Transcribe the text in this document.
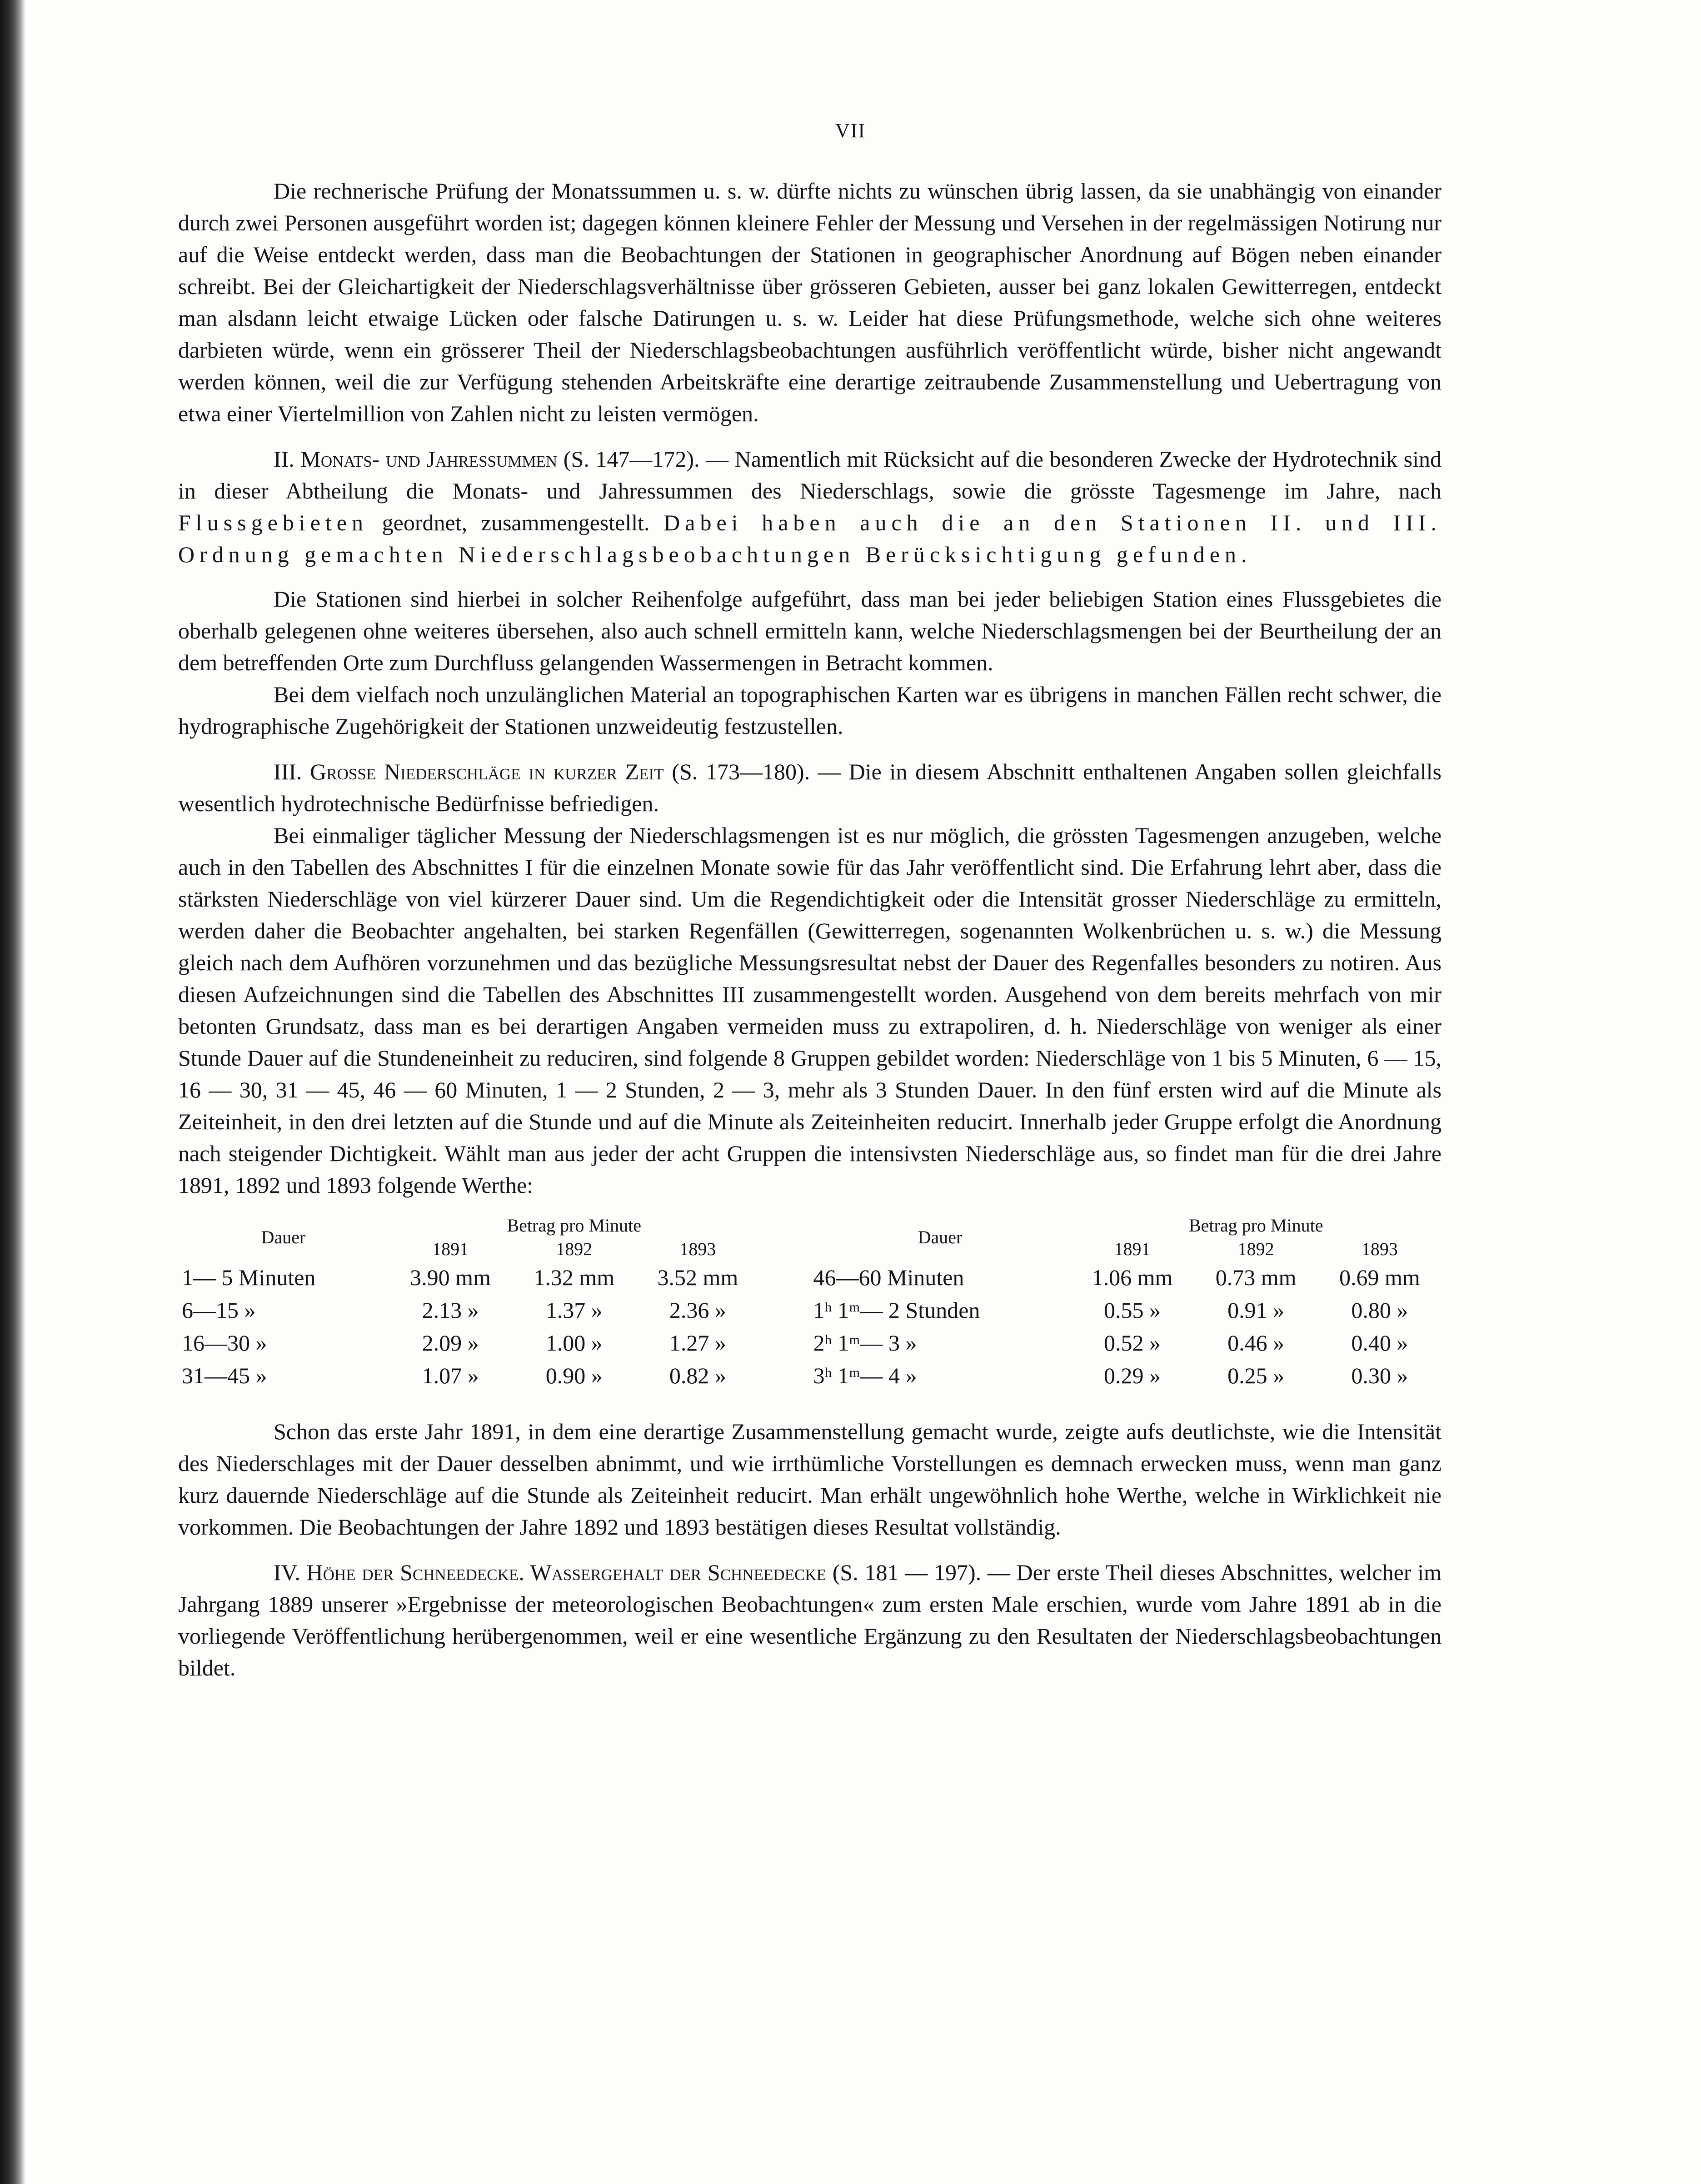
VII

Die rechnerische Prüfung der Monatssummen u. s. w. dürfte nichts zu wünschen übrig lassen, da sie unabhängig von einander durch zwei Personen ausgeführt worden ist; dagegen können kleinere Fehler der Messung und Versehen in der regelmässigen Notirung nur auf die Weise entdeckt werden, dass man die Beobachtungen der Stationen in geographischer Anordnung auf Bögen neben einander schreibt. Bei der Gleichartigkeit der Niederschlagsverhältnisse über grösseren Gebieten, ausser bei ganz lokalen Gewitterregen, entdeckt man alsdann leicht etwaige Lücken oder falsche Datirungen u. s. w. Leider hat diese Prüfungsmethode, welche sich ohne weiteres darbieten würde, wenn ein grösserer Theil der Niederschlagsbeobachtungen ausführlich veröffentlicht würde, bisher nicht angewandt werden können, weil die zur Verfügung stehenden Arbeitskräfte eine derartige zeitraubende Zusammenstellung und Uebertragung von etwa einer Viertelmillion von Zahlen nicht zu leisten vermögen.

II. Monats- und Jahressummen (S. 147—172). — Namentlich mit Rücksicht auf die besonderen Zwecke der Hydrotechnik sind in dieser Abtheilung die Monats- und Jahressummen des Niederschlags, sowie die grösste Tagesmenge im Jahre, nach Flussgebieten geordnet, zusammengestellt. Dabei haben auch die an den Stationen II. und III. Ordnung gemachten Niederschlagsbeobachtungen Berücksichtigung gefunden.

Die Stationen sind hierbei in solcher Reihenfolge aufgeführt, dass man bei jeder beliebigen Station eines Flussgebietes die oberhalb gelegenen ohne weiteres übersehen, also auch schnell ermitteln kann, welche Niederschlagsmengen bei der Beurtheilung der an dem betreffenden Orte zum Durchfluss gelangenden Wassermengen in Betracht kommen.

Bei dem vielfach noch unzulänglichen Material an topographischen Karten war es übrigens in manchen Fällen recht schwer, die hydrographische Zugehörigkeit der Stationen unzweideutig festzustellen.

III. Grosse Niederschläge in kurzer Zeit (S. 173—180). — Die in diesem Abschnitt enthaltenen Angaben sollen gleichfalls wesentlich hydrotechnische Bedürfnisse befriedigen.

Bei einmaliger täglicher Messung der Niederschlagsmengen ist es nur möglich, die grössten Tagesmengen anzugeben, welche auch in den Tabellen des Abschnittes I für die einzelnen Monate sowie für das Jahr veröffentlicht sind. Die Erfahrung lehrt aber, dass die stärksten Niederschläge von viel kürzerer Dauer sind. Um die Regendichtigkeit oder die Intensität grosser Niederschläge zu ermitteln, werden daher die Beobachter angehalten, bei starken Regenfällen (Gewitterregen, sogenannten Wolkenbrüchen u. s. w.) die Messung gleich nach dem Aufhören vorzunehmen und das bezügliche Messungsresultat nebst der Dauer des Regenfalles besonders zu notiren. Aus diesen Aufzeichnungen sind die Tabellen des Abschnittes III zusammengestellt worden. Ausgehend von dem bereits mehrfach von mir betonten Grundsatz, dass man es bei derartigen Angaben vermeiden muss zu extrapoliren, d. h. Niederschläge von weniger als einer Stunde Dauer auf die Stundeneinheit zu reduciren, sind folgende 8 Gruppen gebildet worden: Niederschläge von 1 bis 5 Minuten, 6 — 15, 16 — 30, 31 — 45, 46 — 60 Minuten, 1 — 2 Stunden, 2 — 3, mehr als 3 Stunden Dauer. In den fünf ersten wird auf die Minute als Zeiteinheit, in den drei letzten auf die Stunde und auf die Minute als Zeiteinheiten reducirt. Innerhalb jeder Gruppe erfolgt die Anordnung nach steigender Dichtigkeit. Wählt man aus jeder der acht Gruppen die intensivsten Niederschläge aus, so findet man für die drei Jahre 1891, 1892 und 1893 folgende Werthe:

Dauer	Betrag pro Minute				Dauer	Betrag pro Minute		
	1891	1892	1893			1891	1892	1893
1— 5 Minuten	3.90 mm	1.32 mm	3.52 mm		46—60 Minuten	1.06 mm	0.73 mm	0.69 mm
6—15 »	2.13 »	1.37 »	2.36 »		1ʰ 1ᵐ— 2 Stunden	0.55 »	0.91 »	0.80 »
16—30 »	2.09 »	1.00 »	1.27 »		2ʰ 1ᵐ— 3 »	0.52 »	0.46 »	0.40 »
31—45 »	1.07 »	0.90 »	0.82 »		3ʰ 1ᵐ— 4 »	0.29 »	0.25 »	0.30 »

Schon das erste Jahr 1891, in dem eine derartige Zusammenstellung gemacht wurde, zeigte aufs deutlichste, wie die Intensität des Niederschlages mit der Dauer desselben abnimmt, und wie irrthümliche Vorstellungen es demnach erwecken muss, wenn man ganz kurz dauernde Niederschläge auf die Stunde als Zeiteinheit reducirt. Man erhält ungewöhnlich hohe Werthe, welche in Wirklichkeit nie vorkommen. Die Beobachtungen der Jahre 1892 und 1893 bestätigen dieses Resultat vollständig.

IV. Höhe der Schneedecke. Wassergehalt der Schneedecke (S. 181 — 197). — Der erste Theil dieses Abschnittes, welcher im Jahrgang 1889 unserer »Ergebnisse der meteorologischen Beobachtungen« zum ersten Male erschien, wurde vom Jahre 1891 ab in die vorliegende Veröffentlichung herübergenommen, weil er eine wesentliche Ergänzung zu den Resultaten der Niederschlagsbeobachtungen bildet.
